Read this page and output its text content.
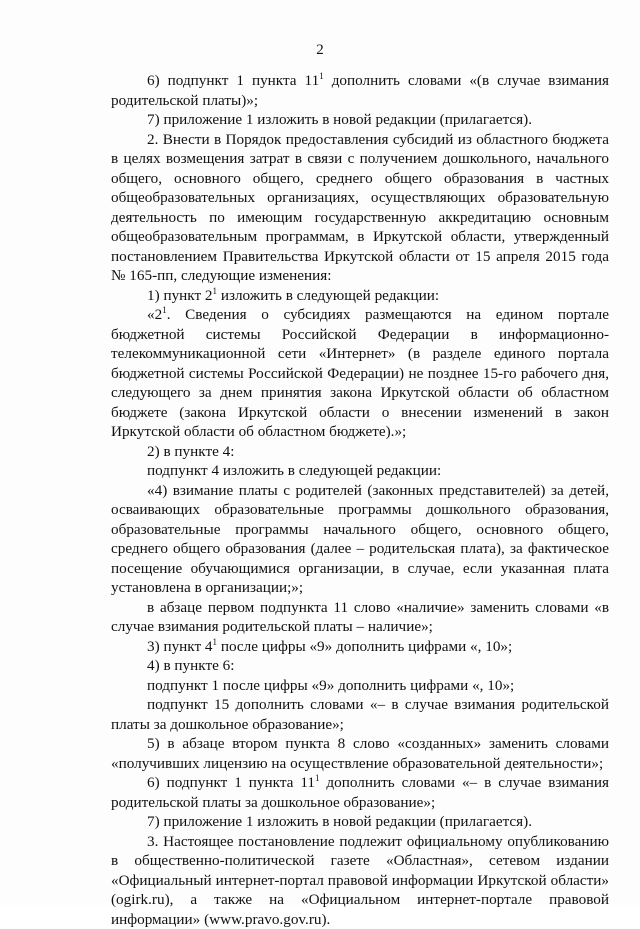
2

6) подпункт 1 пункта $11^1$ дополнить словами «(в случае взимания родительской платы)»;

7) приложение 1 изложить в новой редакции (прилагается).

2. Внести в Порядок предоставления субсидий из областного бюджета в целях возмещения затрат в связи с получением дошкольного, начального общего, основного общего, среднего общего образования в частных общеобразовательных организациях, осуществляющих образовательную деятельность по имеющим государственную аккредитацию основным общеобразовательным программам, в Иркутской области, утвержденный постановлением Правительства Иркутской области от 15 апреля 2015 года № 165-пп, следующие изменения:

1) пункт $2^1$ изложить в следующей редакции:

«$2^1$. Сведения о субсидиях размещаются на едином портале бюджетной системы Российской Федерации в информационно-телекоммуникационной сети «Интернет» (в разделе единого портала бюджетной системы Российской Федерации) не позднее 15-го рабочего дня, следующего за днем принятия закона Иркутской области об областном бюджете (закона Иркутской области о внесении изменений в закон Иркутской области об областном бюджете).»;

2) в пункте 4:

подпункт 4 изложить в следующей редакции:

«4) взимание платы с родителей (законных представителей) за детей, осваивающих образовательные программы дошкольного образования, образовательные программы начального общего, основного общего, среднего общего образования (далее – родительская плата), за фактическое посещение обучающимися организации, в случае, если указанная плата установлена в организации;»;

в абзаце первом подпункта 11 слово «наличие» заменить словами «в случае взимания родительской платы – наличие»;

3) пункт $4^1$ после цифры «9» дополнить цифрами «, 10»;

4) в пункте 6:

подпункт 1 после цифры «9» дополнить цифрами «, 10»;

подпункт 15 дополнить словами «– в случае взимания родительской платы за дошкольное образование»;

5) в абзаце втором пункта 8 слово «созданных» заменить словами «получивших лицензию на осуществление образовательной деятельности»;

6) подпункт 1 пункта $11^1$ дополнить словами «– в случае взимания родительской платы за дошкольное образование»;

7) приложение 1 изложить в новой редакции (прилагается).

3. Настоящее постановление подлежит официальному опубликованию в общественно-политической газете «Областная», сетевом издании «Официальный интернет-портал правовой информации Иркутской области» (ogirk.ru), а также на «Официальном интернет-портале правовой информации» (www.pravo.gov.ru).
